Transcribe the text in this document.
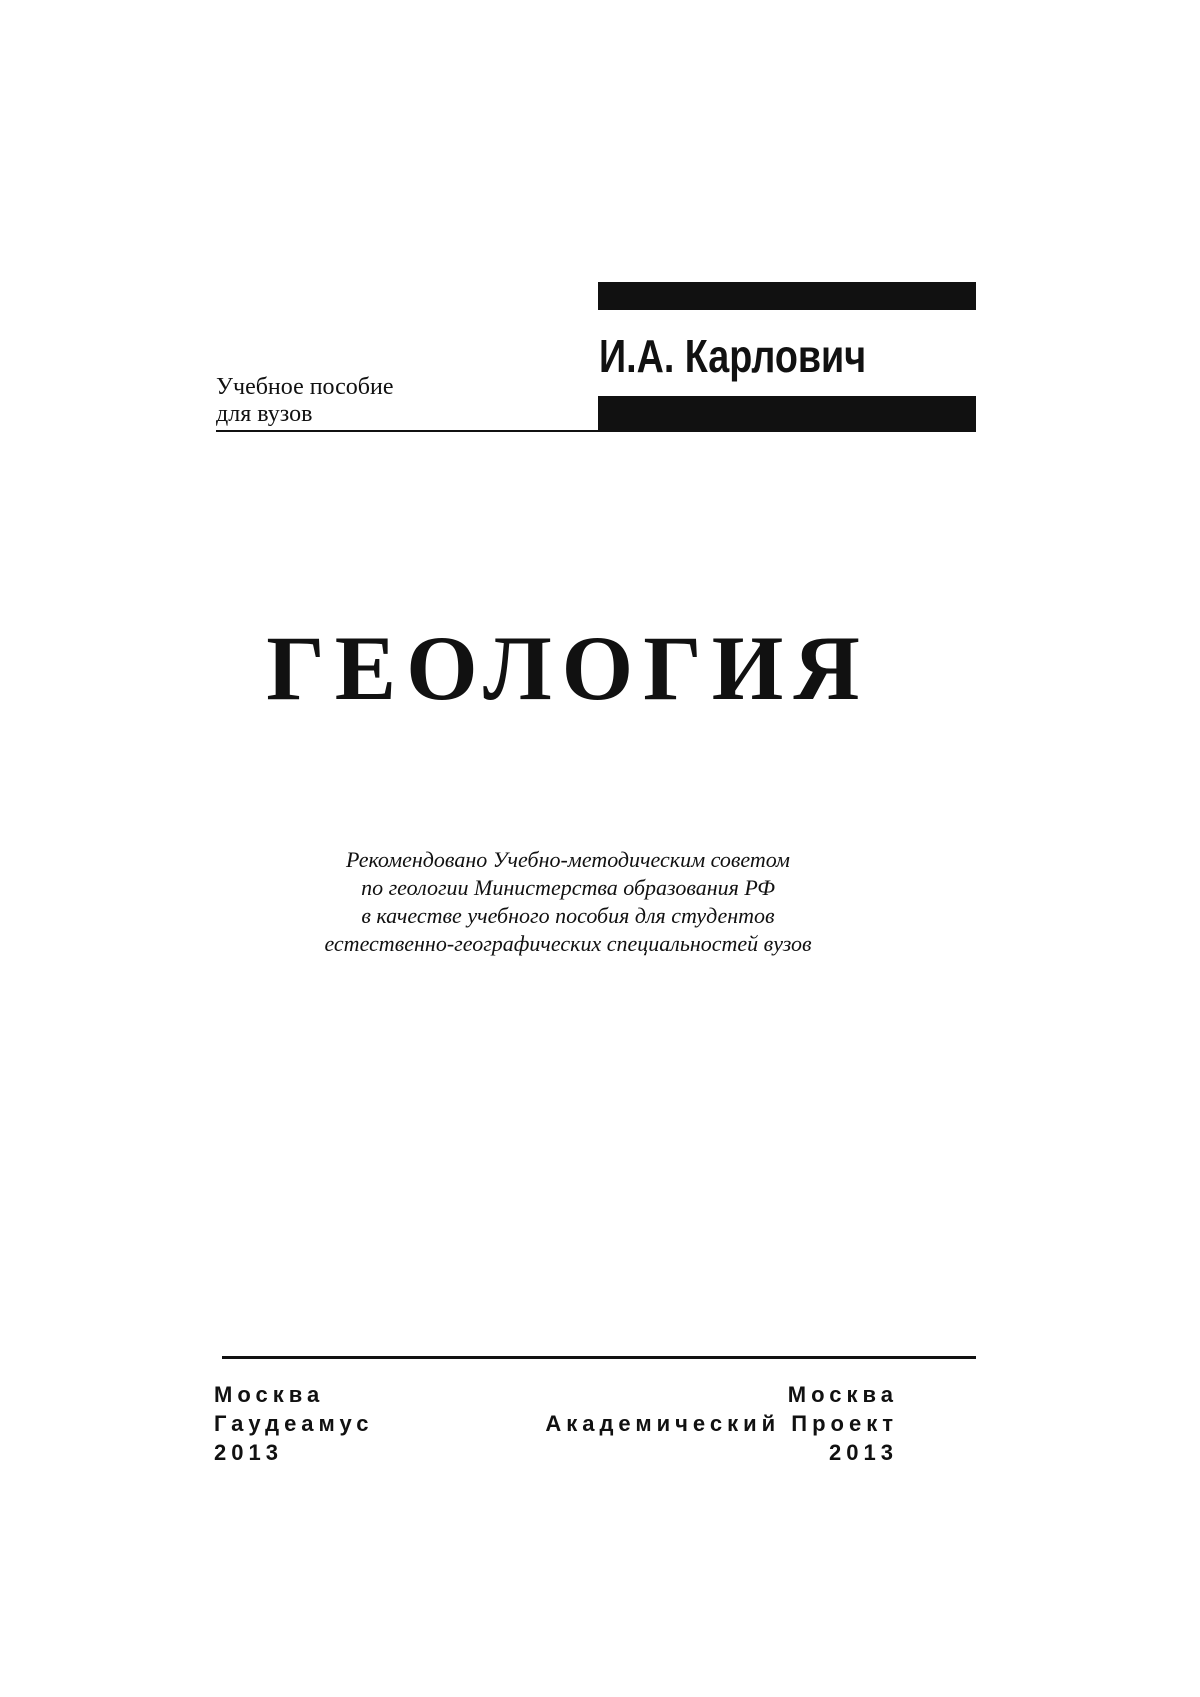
И.А. Карлович
Учебное пособие
для вузов
ГЕОЛОГИЯ
Рекомендовано Учебно-методическим советом
по геологии Министерства образования РФ
в качестве учебного пособия для студентов
естественно-географических специальностей вузов
Москва
Гаудеамус
2013
Москва
Академический Проект
2013
